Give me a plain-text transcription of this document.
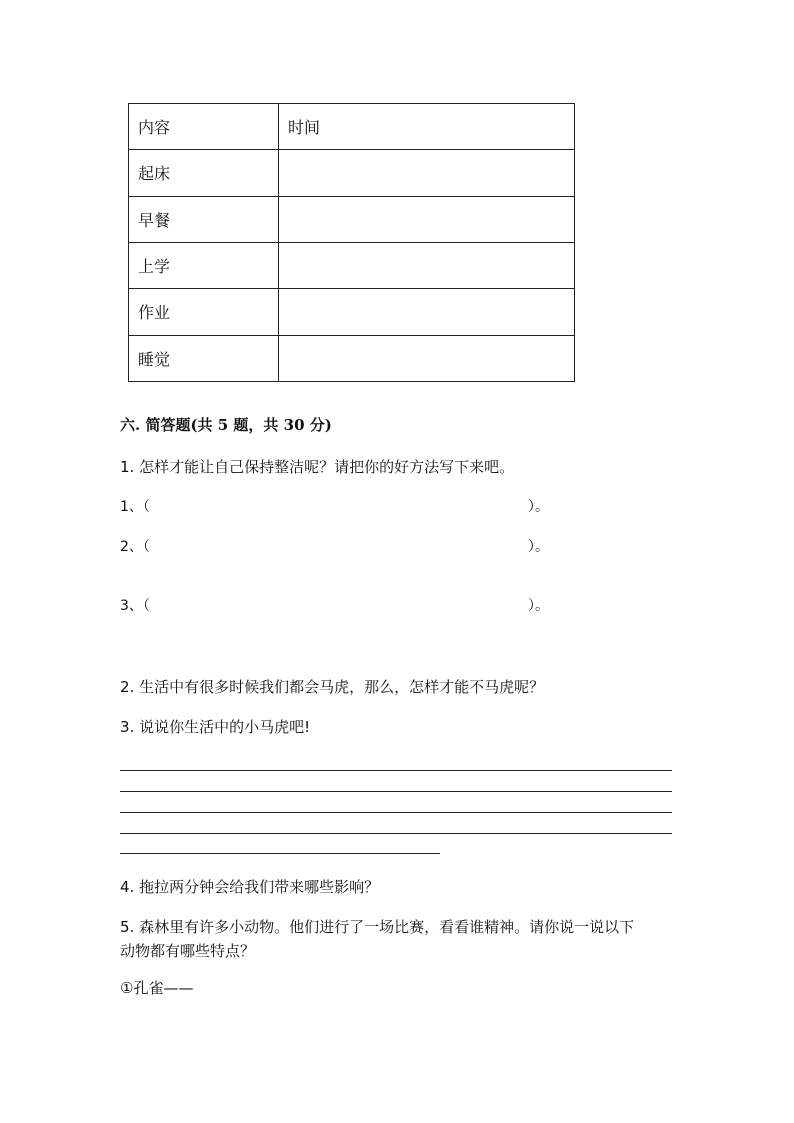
内容	时间
起床	
早餐	
上学	
作业	
睡觉	
六. 简答题(共 5 题，共 30 分)
1. 怎样才能让自己保持整洁呢？请把你的好方法写下来吧。
1、（	）。
2、（	）。
3、（	）。
2. 生活中有很多时候我们都会马虎，那么，怎样才能不马虎呢？
3. 说说你生活中的小马虎吧!
4. 拖拉两分钟会给我们带来哪些影响？
5. 森林里有许多小动物。他们进行了一场比赛，看看谁精神。请你说一说以下
动物都有哪些特点？
①孔雀——
